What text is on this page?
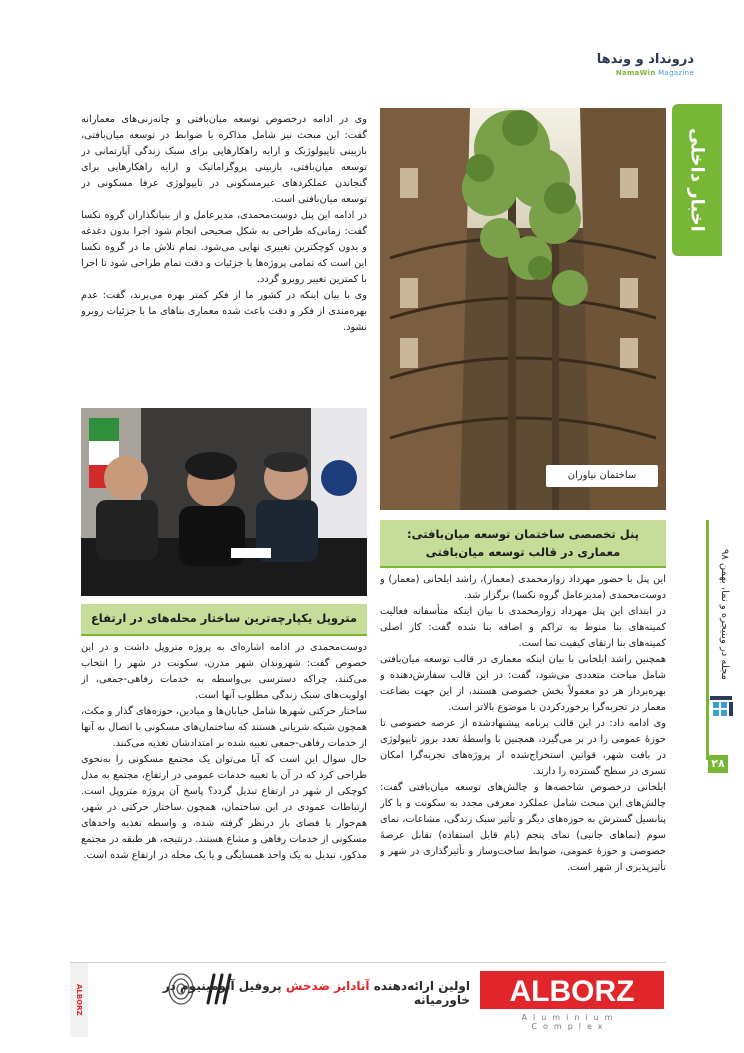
درونداد و وندها
NamaWin Magazine
اخبار داخلی
مجله در وینیجره و نما، بهمن ۹۸
۲۸
ساختمان نیاوران
پنل تخصصی ساختمان توسعه میان‌بافتی: معماری در قالب توسعه میان‌بافتی
متروپل یکپارچه‌ترین ساختار محله‌های در ارتفاع

وی در ادامه درخصوص توسعه میان‌بافتی و چانه‌زنی‌های معمارانه گفت: این مبحث نیز شامل مذاکره با ضوابط در توسعه میان‌بافتی، بازبینی تایپولوژیک و ارایه راهکارهایی برای سبک زندگی آپارتمانی در توسعه میان‌بافتی، بازبینی پروگراماتیک و ارایه راهکارهایی برای گنجاندن عملکردهای غیرمسکونی در تایپولوژی عرفا مسکونی در توسعه میان‌بافتی است.

در ادامه این پنل دوست‌محمدی، مدیرعامل و از بنیانگذاران گروه نکسا گفت: زمانی‌که طراحی به شکل صحیحی انجام شود اجرا بدون دغدغه و بدون کوچکترین تغییری نهایی می‌شود. تمام تلاش ما در گروه نکسا این است که تمامی پروژه‌ها با جزئیات و دقت تمام طراحی شود تا اجرا با کمترین تغییر روبرو گردد.

وی با بیان اینکه در کشور ما از فکر کمتر بهره می‌برند، گفت: عدم بهره‌مندی از فکر و دقت باعث شده معماری بناهای ما با جزئیات روبرو نشود.

دوست‌محمدی در ادامه اشاره‌ای به پروژه متروپل داشت و در این خصوص گفت: شهروندان شهر مدرن، سکونت در شهر را انتخاب می‌کنند، چراکه دسترسی بی‌واسطه به خدمات رفاهی-جمعی، از اولویت‌های سبک زندگی مطلوب آنها است.

ساختار حرکتی شهرها شامل خیابان‌ها و میادین، حوزه‌های گذار و مکث، همچون شبکه شریانی هستند که ساختمان‌های مسکونی با اتصال به آنها از خدمات رفاهی-جمعی تعبیه شده بر امتدادشان تغذیه می‌کنند.

حال سوال این است که آیا می‌توان یک مجتمع مسکونی را به‌نحوی طراحی کرد که در آن با تعبیه خدمات عمومی در ارتفاع، مجتمع به مدل کوچکی از شهر در ارتفاع تبدیل گردد؟ پاسخ آن پروژه متروپل است. ارتباطات عمودی در این ساختمان، همچون ساختار حرکتی در شهر، هم‌جوار با فضای باز درنظر گرفته شده، و واسطه تغذیه واحدهای مسکونی از خدمات رفاهی و مشاع هستند. درنتیجه، هر طبقه در مجتمع مذکور، تبدیل به یک واحد همسایگی و یا یک محله در ارتفاع شده است.

این پنل با حضور مهرداد زوارمحمدی (معمار)، راشد ایلخانی (معمار) و دوست‌محمدی (مدیرعامل گروه نکسا) برگزار شد.

در ابتدای این پنل مهرداد زوارمحمدی با بیان اینکه متأسفانه فعالیت کمیته‌های بنا منوط به تراکم و اضافه بنا شده گفت: کار اصلی کمیته‌های بنا ارتقای کیفیت نما است.

همچنین راشد ایلخانی با بیان اینکه معماری در قالب توسعه میان‌بافتی شامل مباحث متعددی می‌شود، گفت: در این قالب سفارش‌دهنده و بهره‌بردار هر دو معمولاً بخش خصوصی هستند، از این جهت بضاعت معمار در تجربه‌گرا برخوردکردن با موضوع بالاتر است.

وی ادامه داد: در این قالب برنامه پیشنهادشده از عرصه خصوصی تا حوزهٔ عمومی را در بر می‌گیرد، همچنین با واسطهٔ تعدد بروز تایپولوژی در بافت شهر، قوانین استخراج‌شده از پروژه‌های تجربه‌گرا امکان تسری در سطح گسترده را دارند.

ایلخانی درخصوص شاخصه‌ها و چالش‌های توسعه میان‌بافتی گفت: چالش‌های این مبحث شامل عملکرد معرفی مجدد به سکونت و با کار پتانسیل گسترش به حوزه‌های دیگر و تأثیر سبک زندگی، مشاعات، نمای سوم (نماهای جانبی) نمای پنجم (بام قابل استفاده) تقابل عرصهٔ خصوصی و حوزهٔ عمومی، ضوابط ساخت‌وساز و تأثیرگذاری در شهر و تأثیرپذیری از شهر است.

ALBORZ	اولین ارائه‌دهنده آنادایز ضدخش پروفیل آلومینیوم در خاورمیانه ALBORZ
Aluminium Complex
